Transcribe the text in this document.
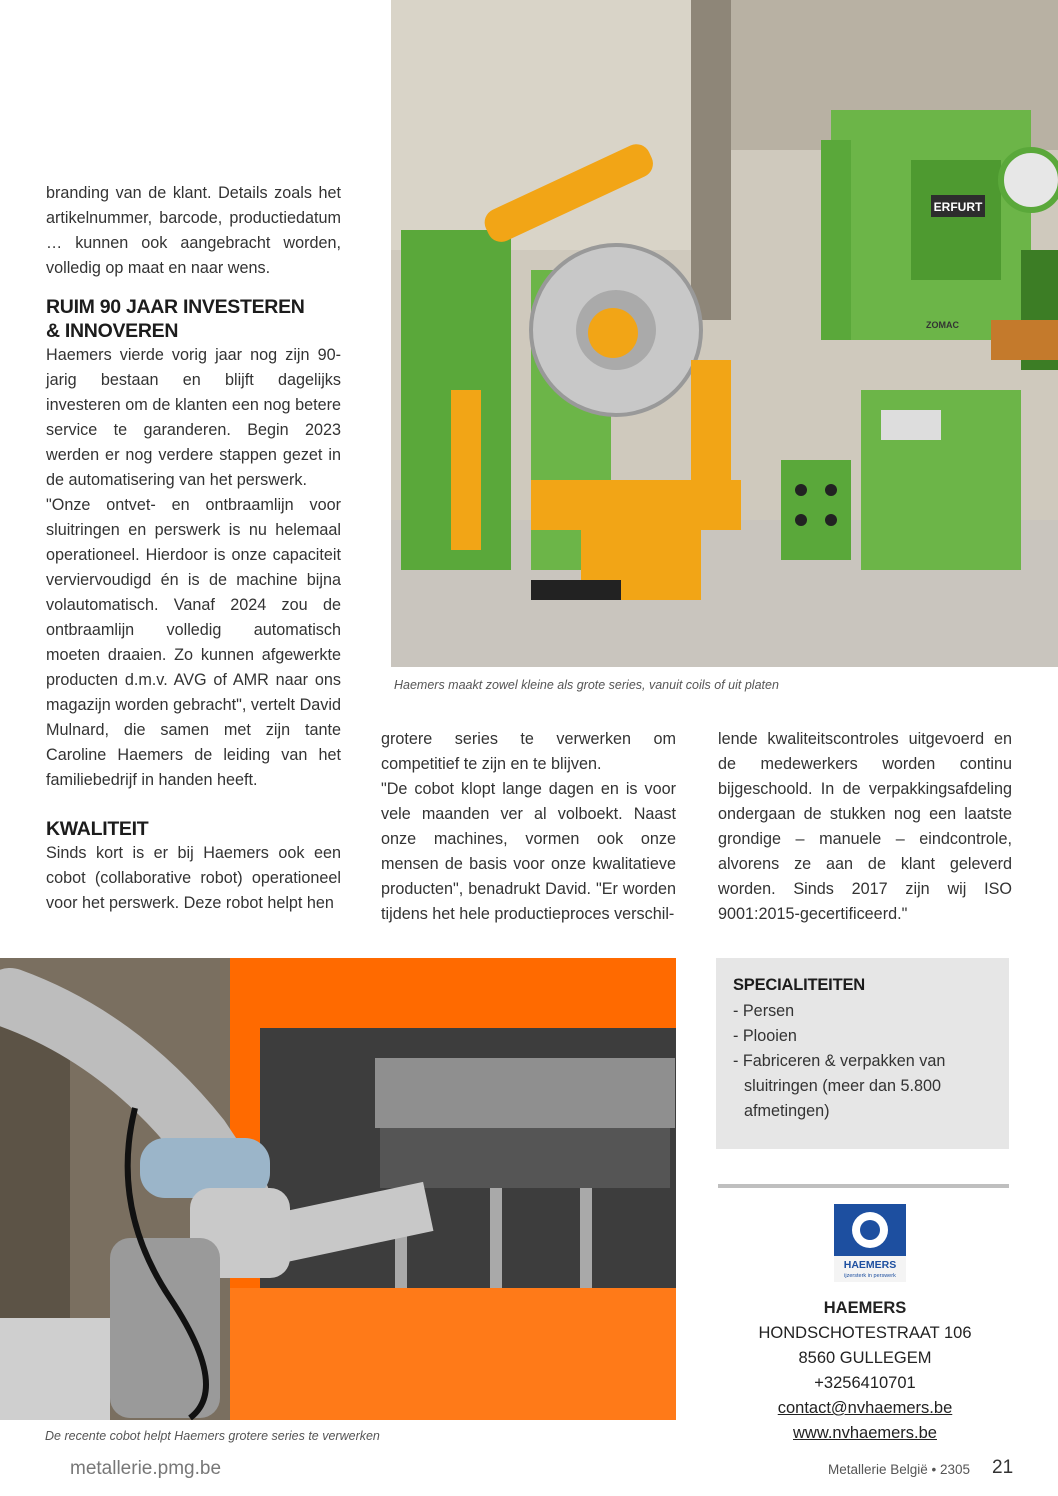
branding van de klant. Details zoals het artikelnummer, barcode, productiedatum … kunnen ook aangebracht worden, volledig op maat en naar wens.

RUIM 90 JAAR INVESTEREN
& INNOVEREN

Haemers vierde vorig jaar nog zijn 90-jarig bestaan en blijft dagelijks investeren om de klanten een nog betere service te garanderen. Begin 2023 werden er nog verdere stappen gezet in de automatisering van het perswerk.

"Onze ontvet- en ontbraamlijn voor sluitringen en perswerk is nu helemaal operationeel. Hierdoor is onze capaciteit verviervoudigd én is de machine bijna volautomatisch. Vanaf 2024 zou de ontbraamlijn volledig automatisch moeten draaien. Zo kunnen afgewerkte producten d.m.v. AVG of AMR naar ons magazijn worden gebracht", vertelt David Mulnard, die samen met zijn tante Caroline Haemers de leiding van het familiebedrijf in handen heeft.

KWALITEIT

Sinds kort is er bij Haemers ook een cobot (collaborative robot) operationeel voor het perswerk. Deze robot helpt hen

ERFURT
ZOMAC
Haemers maakt zowel kleine als grote series, vanuit coils of uit platen

grotere series te verwerken om competitief te zijn en te blijven.

"De cobot klopt lange dagen en is voor vele maanden ver al volboekt. Naast onze machines, vormen ook onze mensen de basis voor onze kwalitatieve producten", benadrukt David. "Er worden tijdens het hele productieproces verschil-

lende kwaliteitscontroles uitgevoerd en de medewerkers worden continu bijgeschoold. In de verpakkingsafdeling ondergaan de stukken nog een laatste grondige – manuele – eindcontrole, alvorens ze aan de klant geleverd worden. Sinds 2017 zijn wij ISO 9001:2015-gecertificeerd."

De recente cobot helpt Haemers grotere series te verwerken
SPECIALITEITEN
- Persen
- Plooien
- Fabriceren & verpakken van sluitringen (meer dan 5.800 afmetingen)
HAEMERS
ijzersterk in perswerk
HAEMERS
HONDSCHOTESTRAAT 106
8560 GULLEGEM
+3256410701
contact@nvhaemers.be
www.nvhaemers.be
metallerie.pmg.be	Metallerie België • 2305 21
